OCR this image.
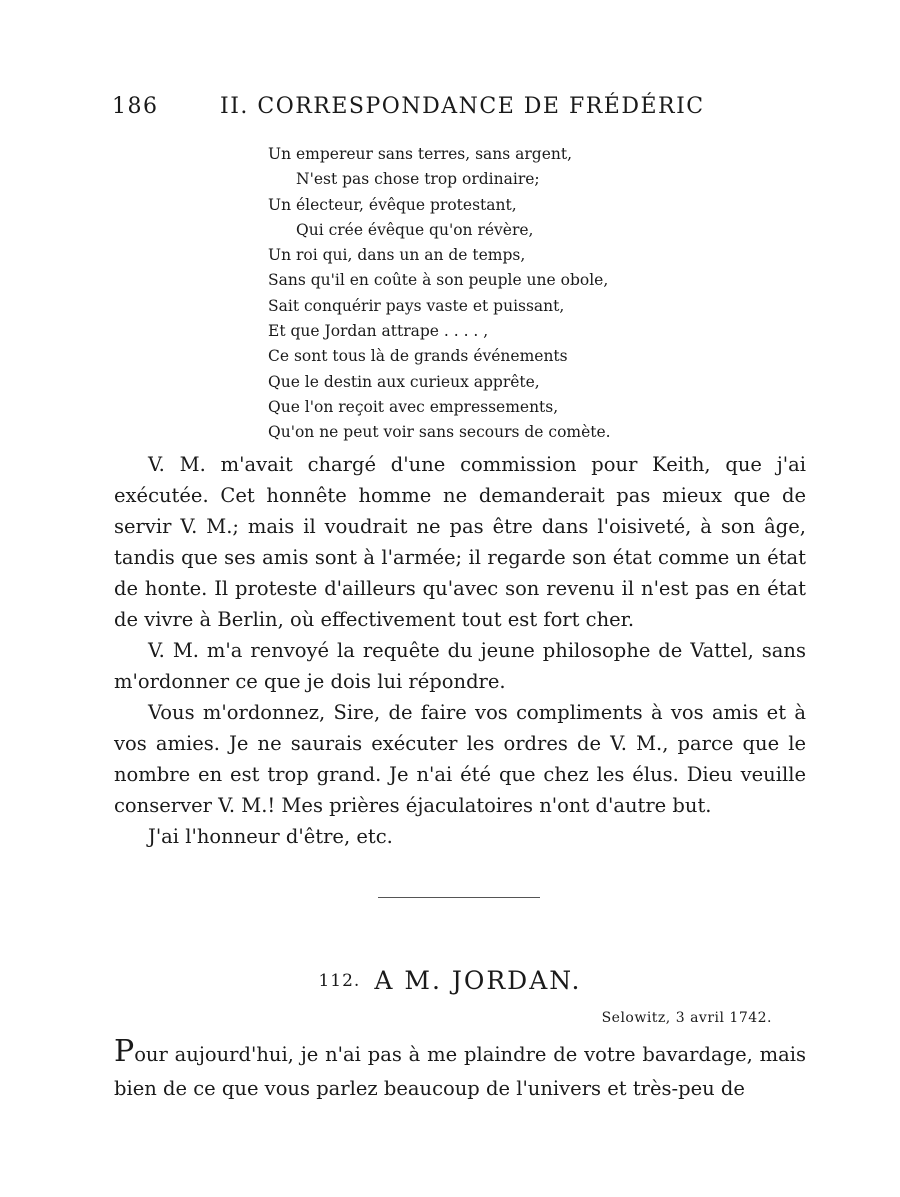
186	II. CORRESPONDANCE DE FRÉDÉRIC
Un empereur sans terres, sans argent,
N'est pas chose trop ordinaire;
Un électeur, évêque protestant,
Qui crée évêque qu'on révère,
Un roi qui, dans un an de temps,
Sans qu'il en coûte à son peuple une obole,
Sait conquérir pays vaste et puissant,
Et que Jordan attrape . . . . ,
Ce sont tous là de grands événements
Que le destin aux curieux apprête,
Que l'on reçoit avec empressements,
Qu'on ne peut voir sans secours de comète.

V. M. m'avait chargé d'une commission pour Keith, que j'ai exécutée. Cet honnête homme ne demanderait pas mieux que de servir V. M.; mais il voudrait ne pas être dans l'oisiveté, à son âge, tandis que ses amis sont à l'armée; il regarde son état comme un état de honte. Il proteste d'ailleurs qu'avec son revenu il n'est pas en état de vivre à Berlin, où effectivement tout est fort cher.

V. M. m'a renvoyé la requête du jeune philosophe de Vattel, sans m'ordonner ce que je dois lui répondre.

Vous m'ordonnez, Sire, de faire vos compliments à vos amis et à vos amies. Je ne saurais exécuter les ordres de V. M., parce que le nombre en est trop grand. Je n'ai été que chez les élus. Dieu veuille conserver V. M.! Mes prières éjaculatoires n'ont d'autre but.

J'ai l'honneur d'être, etc.

112. A M. JORDAN.
Selowitz, 3 avril 1742.
Pour aujourd'hui, je n'ai pas à me plaindre de votre bavardage, mais bien de ce que vous parlez beaucoup de l'univers et très-peu de
